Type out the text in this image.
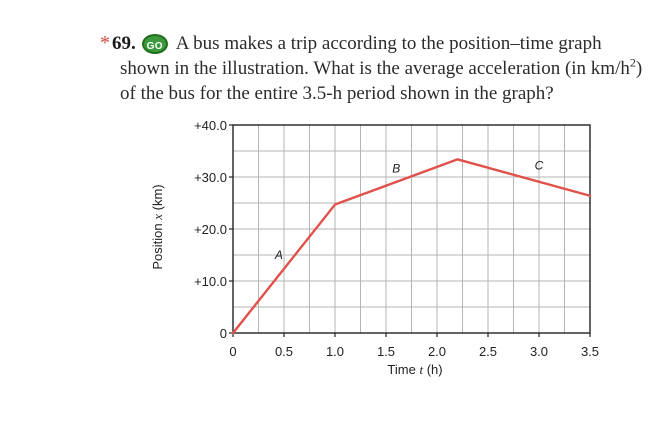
* 69. GO A bus makes a trip according to the position–time graph
shown in the illustration. What is the average acceleration (in $km/h^2$)
of the bus for the entire 3.5-h period shown in the graph?
A
B	C
0	0.5	1.0	1.5	2.0	2.5	3.0	3.5
0
+10.0
+20.0
+30.0
+40.0
Time t (h)
Position x (km)
